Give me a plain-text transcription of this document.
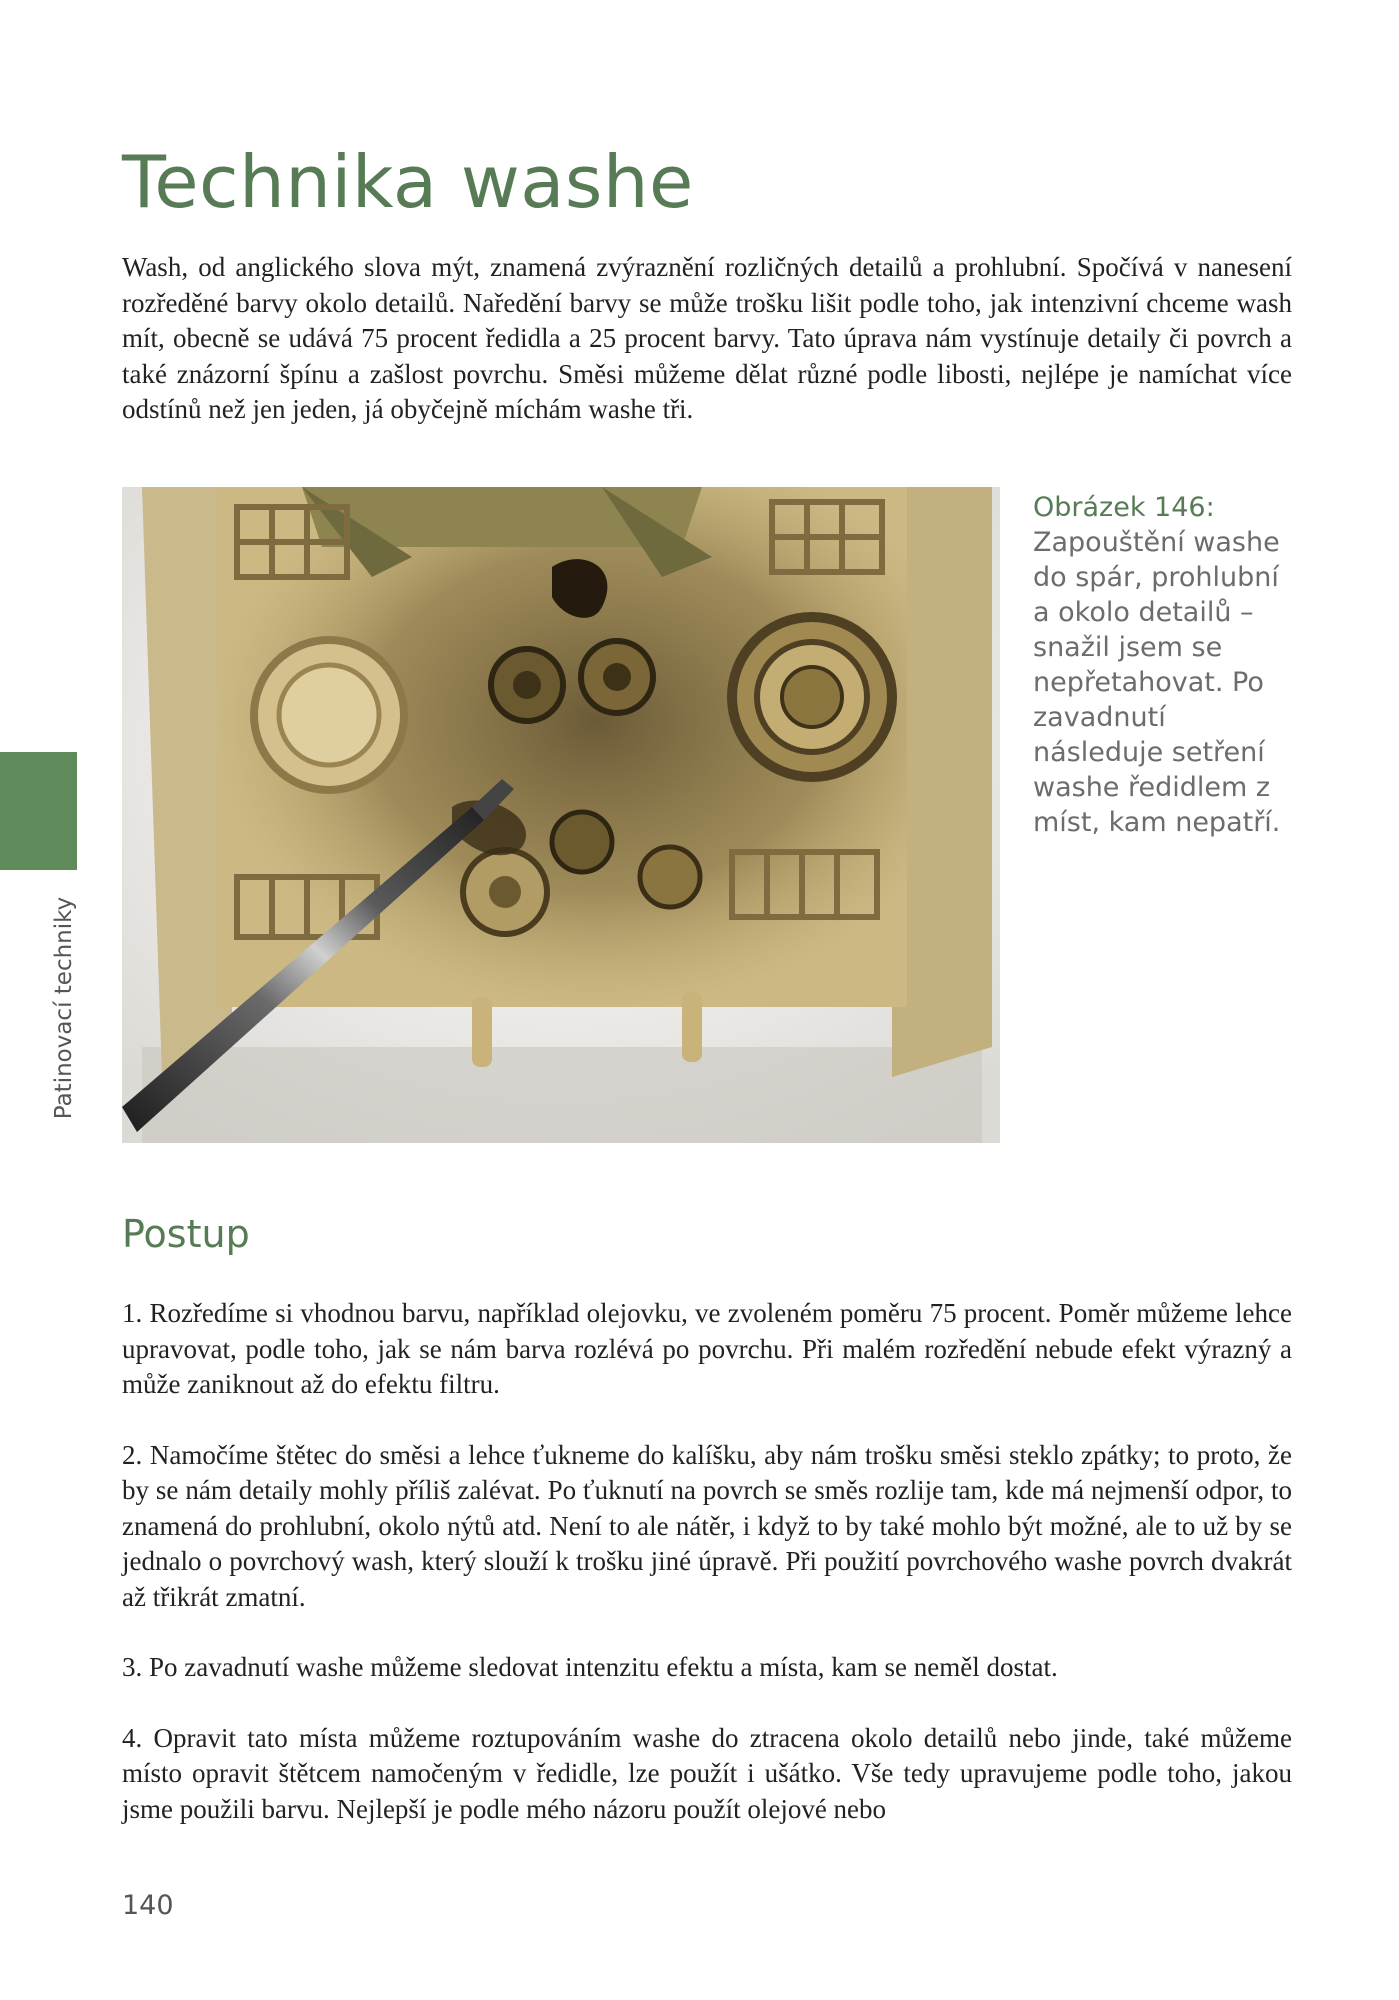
Technika washe

Wash, od anglického slova mýt, znamená zvýraznění rozličných detailů a prohlubní. Spočívá v nanesení rozředěné barvy okolo detailů. Naředění barvy se může trošku lišit podle toho, jak intenzivní chceme wash mít, obecně se udává 75 procent ředidla a 25 procent barvy. Tato úprava nám vystínuje detaily či povrch a také znázorní špínu a zašlost povrchu. Směsi můžeme dělat různé podle libosti, nejlépe je namíchat více odstínů než jen jeden, já obyčejně míchám washe tři.

Obrázek 146: Zapouštění washe do spár, prohlubní a okolo detailů – snažil jsem se nepřetahovat. Po zavadnutí následuje setření washe ředidlem z míst, kam nepatří.

Patinovací techniky
Postup

1. Rozředíme si vhodnou barvu, například olejovku, ve zvoleném poměru 75 procent. Poměr můžeme lehce upravovat, podle toho, jak se nám barva rozlévá po povrchu. Při malém rozředění nebude efekt výrazný a může zaniknout až do efektu filtru.

2. Namočíme štětec do směsi a lehce ťukneme do kalíšku, aby nám trošku směsi steklo zpátky; to proto, že by se nám detaily mohly příliš zalévat. Po ťuknutí na povrch se směs rozlije tam, kde má nejmenší odpor, to znamená do prohlubní, okolo nýtů atd. Není to ale nátěr, i když to by také mohlo být možné, ale to už by se jednalo o povrchový wash, který slouží k trošku jiné úpravě. Při použití povrchového washe povrch dvakrát až třikrát zmatní.

3. Po zavadnutí washe můžeme sledovat intenzitu efektu a místa, kam se neměl dostat.

4. Opravit tato místa můžeme roztupováním washe do ztracena okolo detailů nebo jinde, také můžeme místo opravit štětcem namočeným v ředidle, lze použít i ušátko. Vše tedy upravujeme podle toho, jakou jsme použili barvu. Nejlepší je podle mého názoru použít olejové nebo

140
